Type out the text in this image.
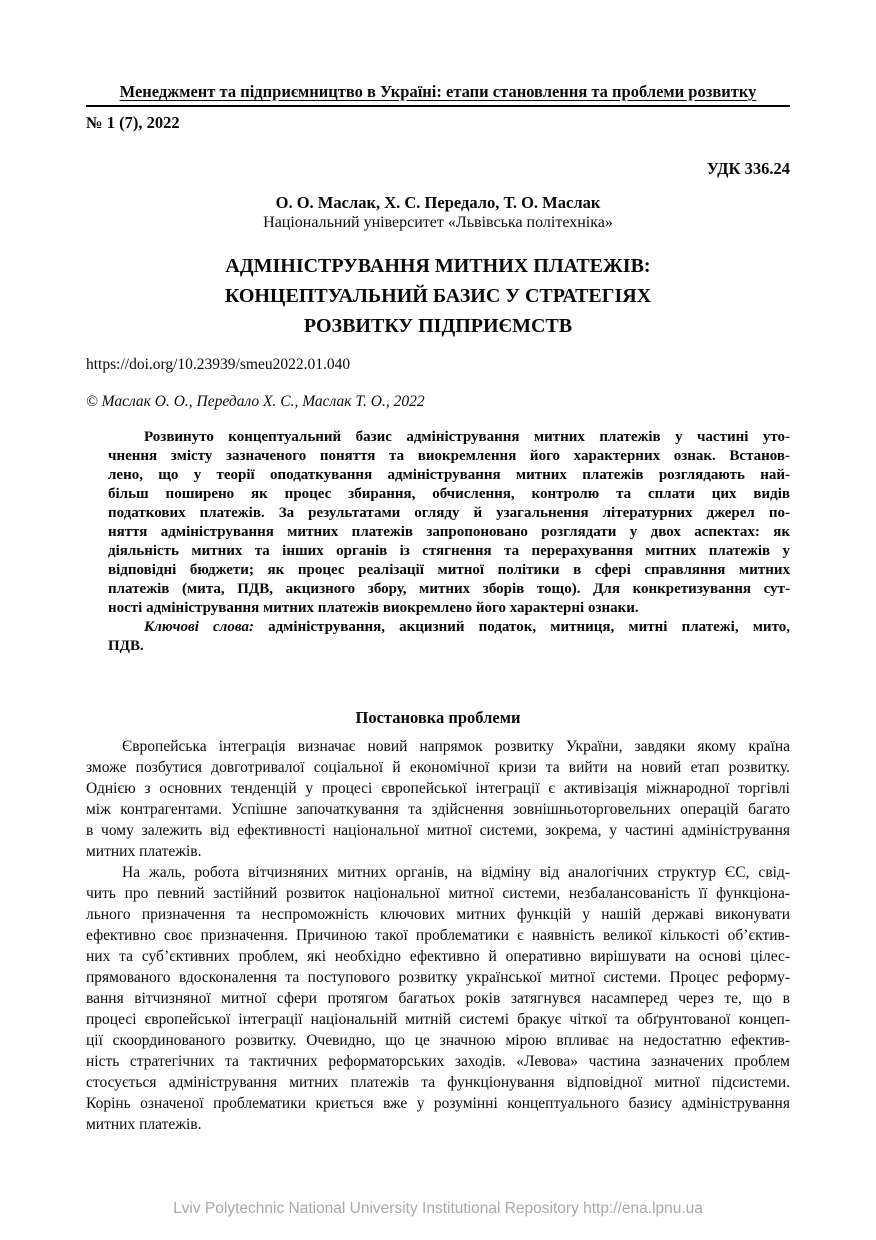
Менеджмент та підприємництво в Україні: етапи становлення та проблеми розвитку
№ 1 (7), 2022
УДК 336.24
О. О. Маслак, Х. С. Передало, Т. О. Маслак
Національний університет «Львівська політехніка»
АДМІНІСТРУВАННЯ МИТНИХ ПЛАТЕЖІВ:
КОНЦЕПТУАЛЬНИЙ БАЗИС У СТРАТЕГІЯХ
РОЗВИТКУ ПІДПРИЄМСТВ
https://doi.org/10.23939/smeu2022.01.040
© Маслак О. О., Передало Х. С., Маслак Т. О., 2022
Розвинуто концептуальний базис адміністрування митних платежів у частині уто-
чнення змісту зазначеного поняття та виокремлення його характерних ознак. Встанов-
лено, що у теорії оподаткування адміністрування митних платежів розглядають най-
більш поширено як процес збирання, обчислення, контролю та сплати цих видів
податкових платежів. За результатами огляду й узагальнення літературних джерел по-
няття адміністрування митних платежів запропоновано розглядати у двох аспектах: як
діяльність митних та інших органів із стягнення та перерахування митних платежів у
відповідні бюджети; як процес реалізації митної політики в сфері справляння митних
платежів (мита, ПДВ, акцизного збору, митних зборів тощо). Для конкретизування сут-
ності адміністрування митних платежів виокремлено його характерні ознаки.
Ключові слова: адміністрування, акцизний податок, митниця, митні платежі, мито,
ПДВ.
Постановка проблеми
Європейська інтеграція визначає новий напрямок розвитку України, завдяки якому країна
зможе позбутися довготривалої соціальної й економічної кризи та вийти на новий етап розвитку.
Однією з основних тенденцій у процесі європейської інтеграції є активізація міжнародної торгівлі
між контрагентами. Успішне започаткування та здійснення зовнішньоторговельних операцій багато
в чому залежить від ефективності національної митної системи, зокрема, у частині адміністрування
митних платежів.
На жаль, робота вітчизняних митних органів, на відміну від аналогічних структур ЄС, свід-
чить про певний застійний розвиток національної митної системи, незбалансованість її функціона-
льного призначення та неспроможність ключових митних функцій у нашій державі виконувати
ефективно своє призначення. Причиною такої проблематики є наявність великої кількості об’єктив-
них та суб’єктивних проблем, які необхідно ефективно й оперативно вирішувати на основі цілес-
прямованого вдосконалення та поступового розвитку української митної системи. Процес реформу-
вання вітчизняної митної сфери протягом багатьох років затягнувся насамперед через те, що в
процесі європейської інтеграції національній митній системі бракує чіткої та обґрунтованої концеп-
ції скоординованого розвитку. Очевидно, що це значною мірою впливає на недостатню ефектив-
ність стратегічних та тактичних реформаторських заходів. «Левова» частина зазначених проблем
стосується адміністрування митних платежів та функціонування відповідної митної підсистеми.
Корінь означеної проблематики криється вже у розумінні концептуального базису адміністрування
митних платежів.
Lviv Polytechnic National University Institutional Repository http://ena.lpnu.ua
